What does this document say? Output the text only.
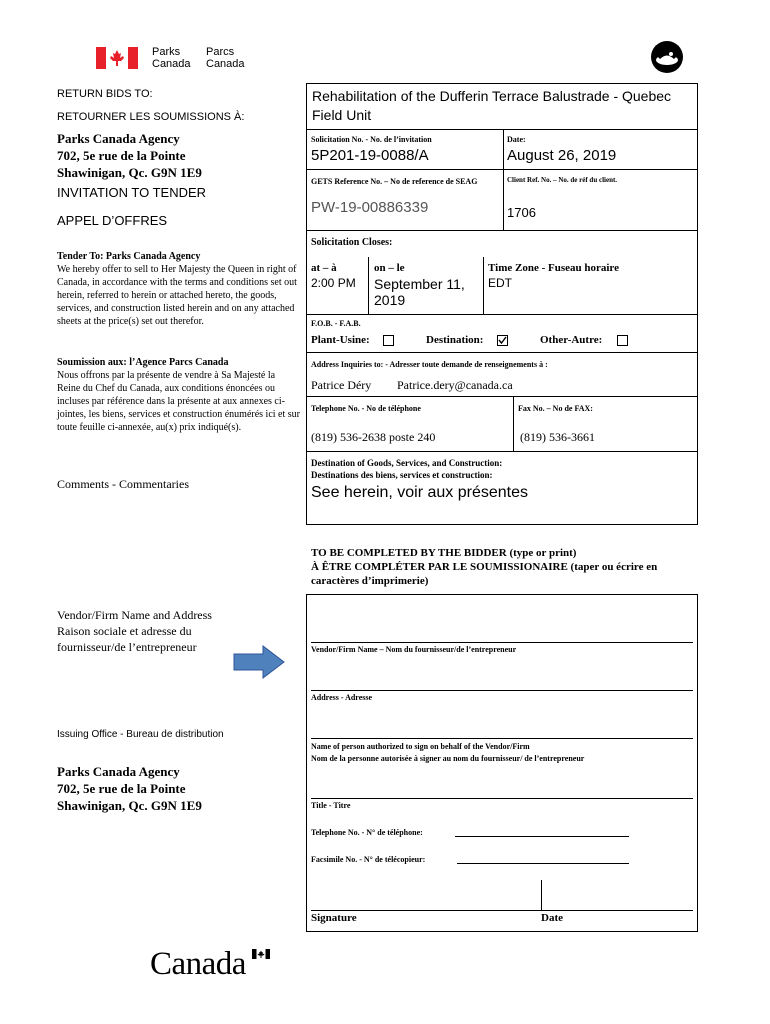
Parks
Canada
Parcs
Canada
RETURN BIDS TO:
RETOURNER LES SOUMISSIONS À:
Parks Canada Agency
702, 5e rue de la Pointe
Shawinigan, Qc. G9N 1E9
INVITATION TO TENDER
APPEL D’OFFRES
Tender To: Parks Canada Agency
We hereby offer to sell to Her Majesty the Queen in right of Canada, in accordance with the terms and conditions set out herein, referred to herein or attached hereto, the goods, services, and construction listed herein and on any attached sheets at the price(s) set out therefor.
Soumission aux: l’Agence Parcs Canada
Nous offrons par la présente de vendre à Sa Majesté la Reine du Chef du Canada, aux conditions énoncées ou incluses par référence dans la présente at aux annexes ci-jointes, les biens, services et construction énumérés ici et sur toute feuille ci-annexée, au(x) prix indiqué(s).
Comments - Commentaries
Vendor/Firm Name and Address
Raison sociale et adresse du
fournisseur/de l’entrepreneur
Issuing Office - Bureau de distribution
Parks Canada Agency
702, 5e rue de la Pointe
Shawinigan, Qc. G9N 1E9
Rehabilitation of the Dufferin Terrace Balustrade - Quebec Field Unit
Solicitation No. - No. de l’invitation	Date:
5P201-19-0088/A	August 26, 2019
GETS Reference No. – No de reference de SEAG	Client Ref. No. – No. de réf du client.
PW-19-00886339	1706
Solicitation Closes:
at – à
2:00 PM
on – le
September 11, 2019
Time Zone - Fuseau horaire
EDT
F.O.B. - F.A.B.
Plant-Usine:	Destination:	Other-Autre:
Address Inquiries to: - Adresser toute demande de renseignements à :
Patrice Déry Patrice.dery@canada.ca
Telephone No. - No de téléphone	Fax No. – No de FAX:
(819) 536-2638 poste 240	(819) 536-3661
Destination of Goods, Services, and Construction:
Destinations des biens, services et construction:
See herein, voir aux présentes
TO BE COMPLETED BY THE BIDDER (type or print)
À ÊTRE COMPLÉTER PAR LE SOUMISSIONAIRE (taper ou écrire en caractères d’imprimerie)
Vendor/Firm Name – Nom du fournisseur/de l’entrepreneur
Address - Adresse
Name of person authorized to sign on behalf of the Vendor/Firm
Nom de la personne autorisée à signer au nom du fournisseur/ de l’entrepreneur
Title - Titre
Telephone No. - N° de téléphone:
Facsimile No. - N° de télécopieur:
Signature	Date
Canada
